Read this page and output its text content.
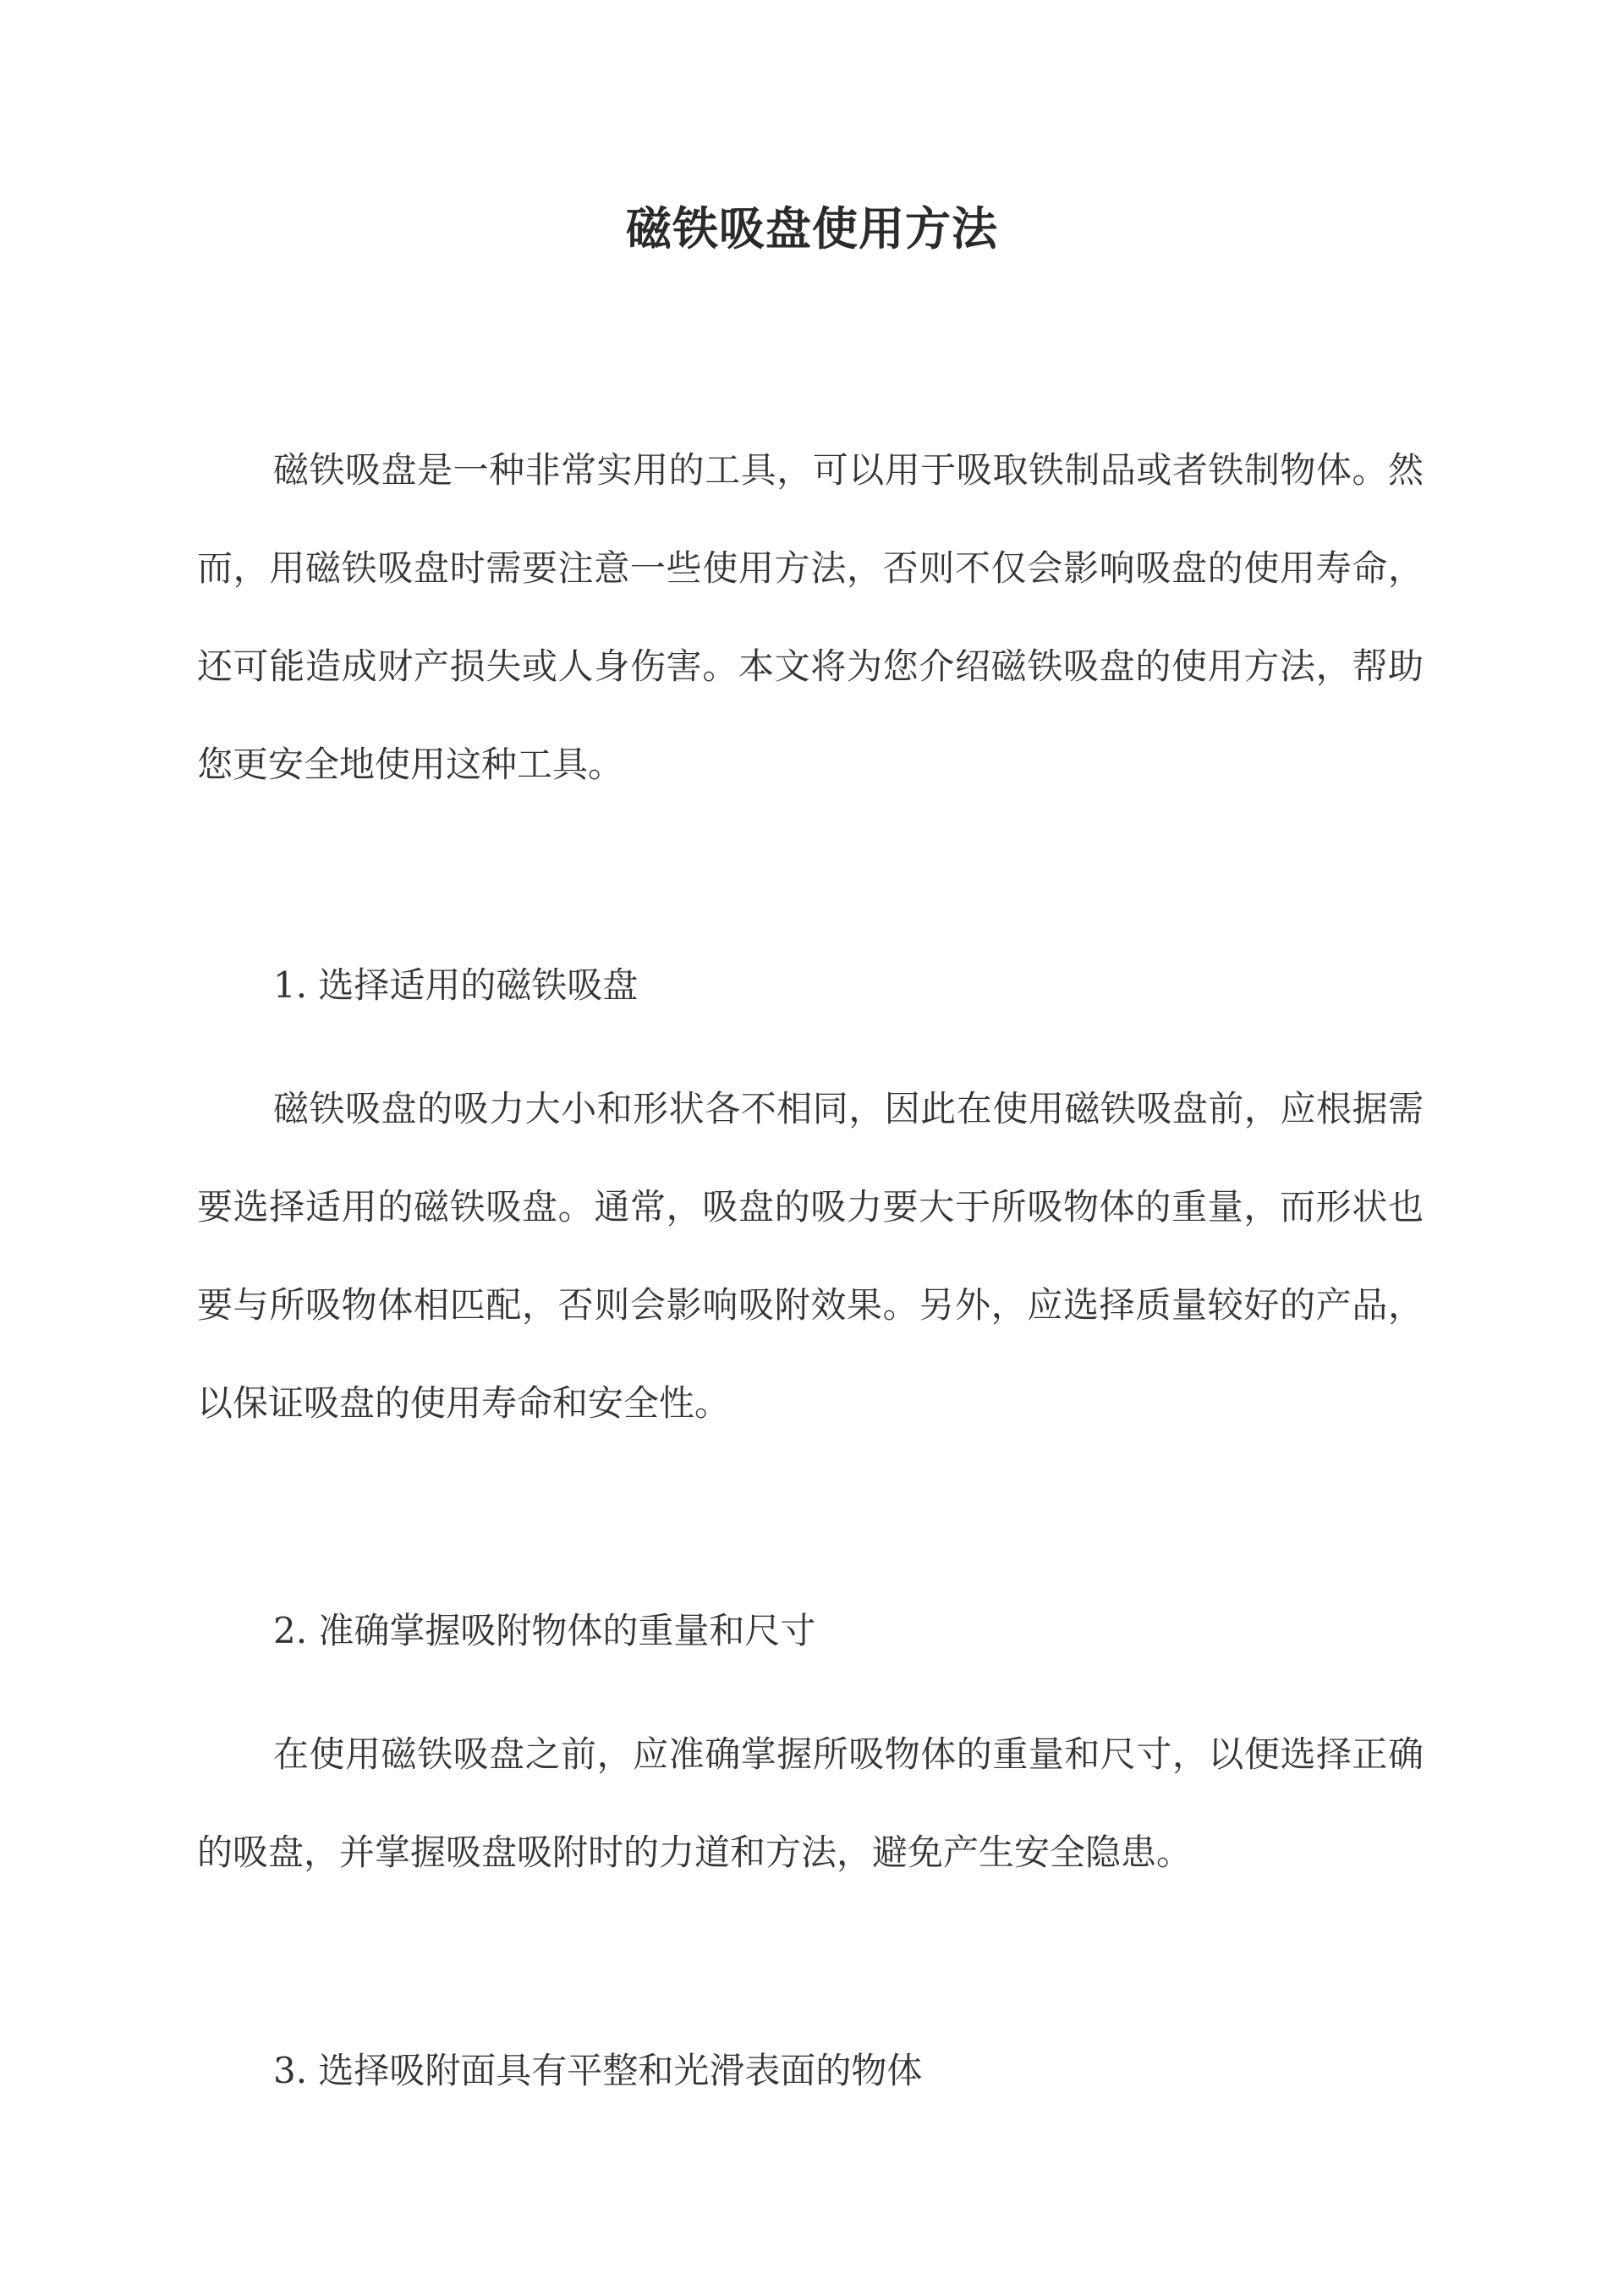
磁铁吸盘使用方法

磁铁吸盘是一种非常实用的工具，可以用于吸取铁制品或者铁制物体。然而，用磁铁吸盘时需要注意一些使用方法，否则不仅会影响吸盘的使用寿命，还可能造成财产损失或人身伤害。本文将为您介绍磁铁吸盘的使用方法，帮助您更安全地使用这种工具。

1. 选择适用的磁铁吸盘

磁铁吸盘的吸力大小和形状各不相同，因此在使用磁铁吸盘前，应根据需要选择适用的磁铁吸盘。通常，吸盘的吸力要大于所吸物体的重量，而形状也要与所吸物体相匹配，否则会影响吸附效果。另外，应选择质量较好的产品，以保证吸盘的使用寿命和安全性。

2. 准确掌握吸附物体的重量和尺寸

在使用磁铁吸盘之前，应准确掌握所吸物体的重量和尺寸，以便选择正确的吸盘，并掌握吸盘吸附时的力道和方法，避免产生安全隐患。

3. 选择吸附面具有平整和光滑表面的物体
